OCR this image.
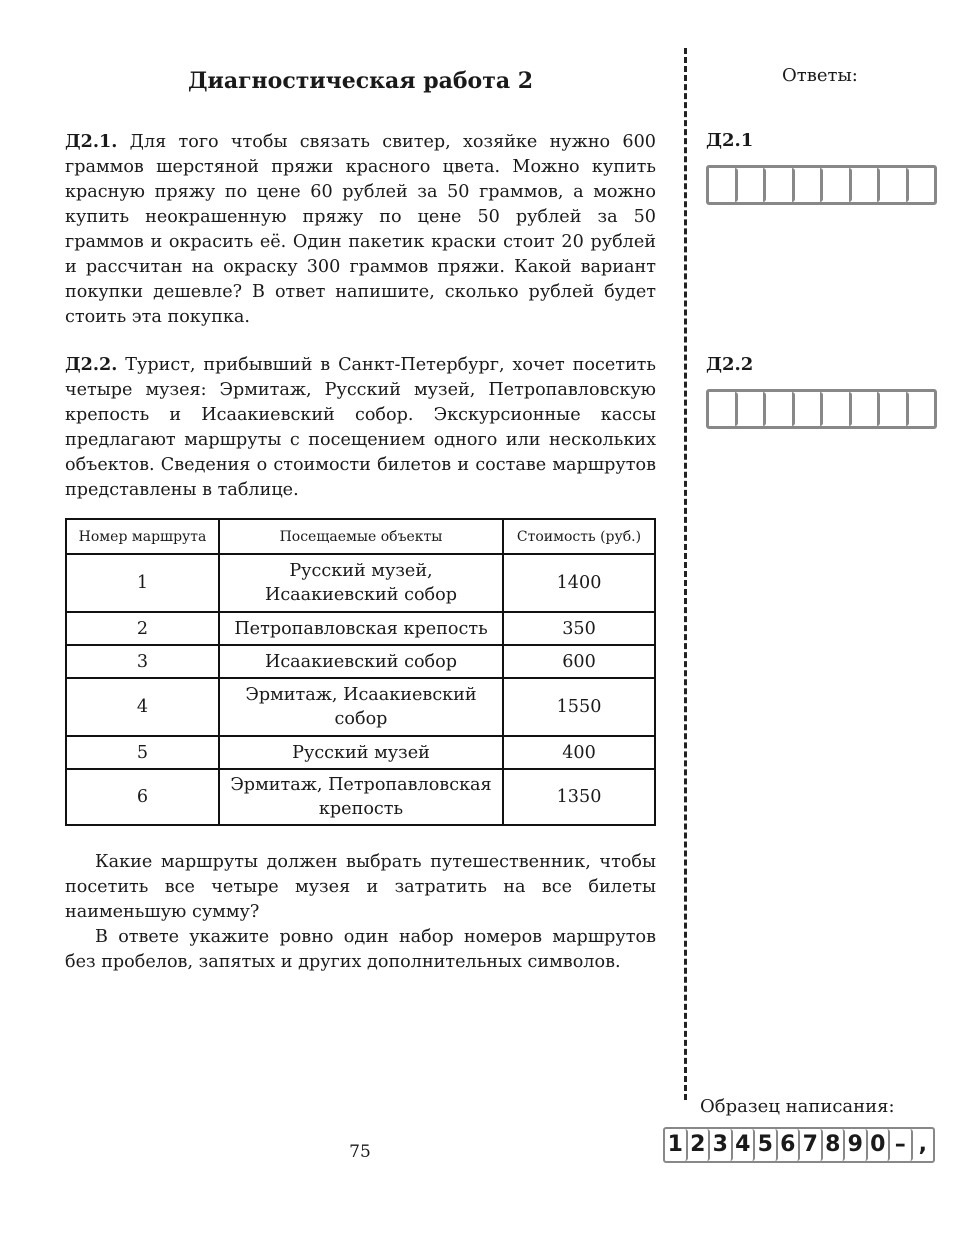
Диагностическая работа 2
Д2.1. Для того чтобы связать свитер, хозяйке нужно 600 граммов шерстяной пряжи красного цвета. Можно купить красную пряжу по цене 60 рублей за 50 граммов, а можно купить неокрашенную пряжу по цене 50 рублей за 50 граммов и окрасить её. Один пакетик краски стоит 20 рублей и рассчитан на окраску 300 граммов пряжи. Какой вариант покупки дешевле? В ответ напишите, сколько рублей будет стоить эта покупка.
Д2.2. Турист, прибывший в Санкт-Петербург, хочет посетить четыре музея: Эрмитаж, Русский музей, Петропавловскую крепость и Исаакиевский собор. Экскурсионные кассы предлагают маршруты с посещением одного или нескольких объектов. Сведения о стоимости билетов и составе маршрутов представлены в таблице.
Какие маршруты должен выбрать путешественник, чтобы посетить все четыре музея и затратить на все билеты наименьшую сумму?
В ответе укажите ровно один набор номеров маршрутов без пробелов, запятых и других дополнительных символов.
Номер маршрута	Посещаемые объекты	Стоимость (руб.)
1	Русский музей, Исаакиевский собор	1400
2	Петропавловская крепость	350
3	Исаакиевский собор	600
4	Эрмитаж, Исаакиевский собор	1550
5	Русский музей	400
6	Эрмитаж, Петропавловская крепость	1350
Ответы:
Д2.1
Д2.2
Образец написания:
1 2 3 4 5 6 7 8 9 0 – ,
75
